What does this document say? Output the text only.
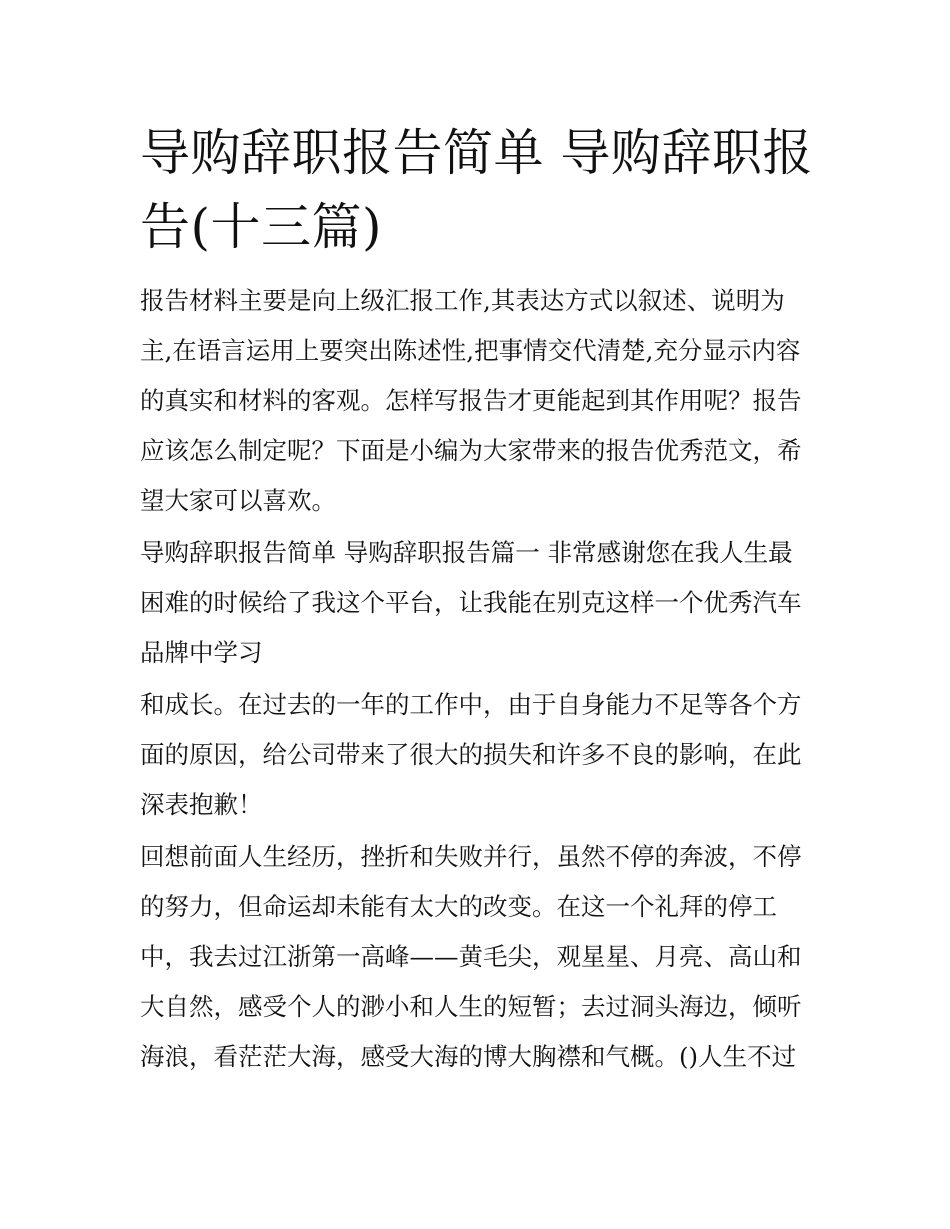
导购辞职报告简单 导购辞职报告(十三篇)

报告材料主要是向上级汇报工作,其表达方式以叙述、说明为

主,在语言运用上要突出陈述性,把事情交代清楚,充分显示内容

的真实和材料的客观。怎样写报告才更能起到其作用呢？报告

应该怎么制定呢？下面是小编为大家带来的报告优秀范文，希

望大家可以喜欢。

导购辞职报告简单 导购辞职报告篇一 非常感谢您在我人生最

困难的时候给了我这个平台，让我能在别克这样一个优秀汽车

品牌中学习

和成长。在过去的一年的工作中，由于自身能力不足等各个方

面的原因，给公司带来了很大的损失和许多不良的影响，在此

深表抱歉！

回想前面人生经历，挫折和失败并行，虽然不停的奔波，不停

的努力，但命运却未能有太大的改变。在这一个礼拜的停工

中，我去过江浙第一高峰——黄毛尖，观星星、月亮、高山和

大自然，感受个人的渺小和人生的短暂；去过洞头海边，倾听

海浪，看茫茫大海，感受大海的博大胸襟和气概。()人生不过
